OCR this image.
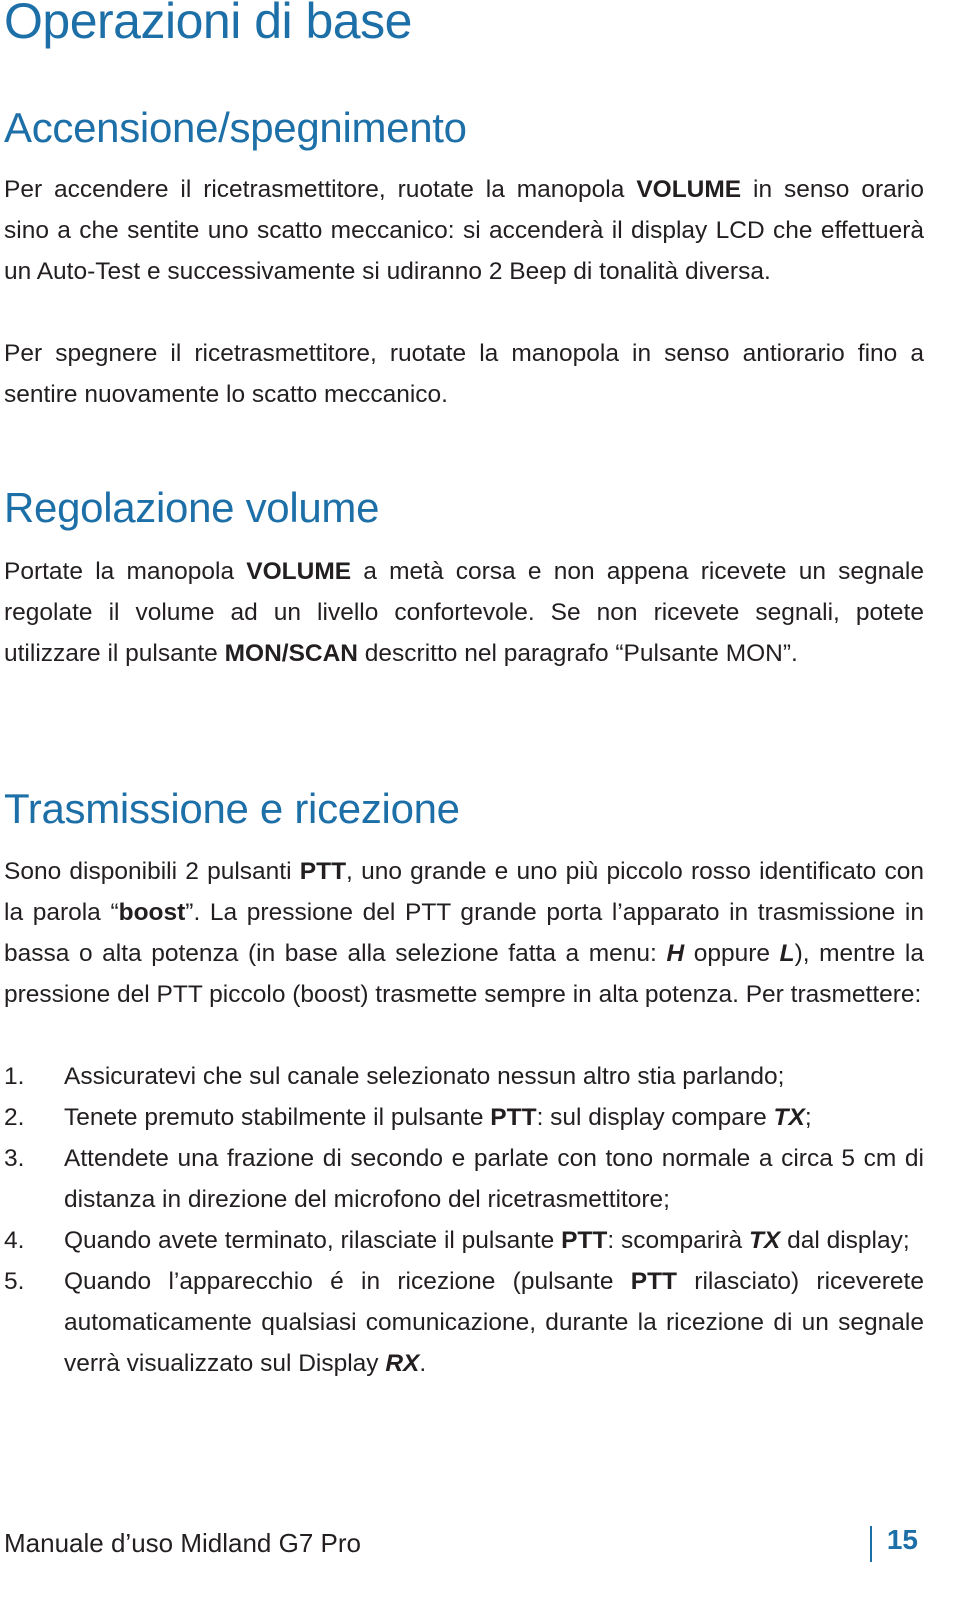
Operazioni di base
Accensione/spegnimento

Per accendere il ricetrasmettitore, ruotate la manopola VOLUME in senso orario sino a che sentite uno scatto meccanico: si accenderà il display LCD che effettuerà un Auto-Test e successivamente si udiranno 2 Beep di tonalità diversa.

Per spegnere il ricetrasmettitore, ruotate la manopola in senso antiorario fino a sentire nuovamente lo scatto meccanico.

Regolazione volume

Portate la manopola VOLUME a metà corsa e non appena ricevete un segnale regolate il volume ad un livello confortevole. Se non ricevete segnali, potete utilizzare il pulsante MON/SCAN descritto nel paragrafo “Pulsante MON”.

Trasmissione e ricezione

Sono disponibili 2 pulsanti PTT, uno grande e uno più piccolo rosso identificato con la parola “boost”. La pressione del PTT grande porta l’apparato in trasmissione in bassa o alta potenza (in base alla selezione fatta a menu: H oppure L), mentre la pressione del PTT piccolo (boost) trasmette sempre in alta potenza. Per trasmettere:

1. Assicuratevi che sul canale selezionato nessun altro stia parlando;
2. Tenete premuto stabilmente il pulsante PTT: sul display compare TX;
3. Attendete una frazione di secondo e parlate con tono normale a circa 5 cm di distanza in direzione del microfono del ricetrasmettitore;
4. Quando avete terminato, rilasciate il pulsante PTT: scomparirà TX dal display;
5. Quando l’apparecchio é in ricezione (pulsante PTT rilasciato) riceverete automaticamente qualsiasi comunicazione, durante la ricezione di un segnale verrà visualizzato sul Display RX.
Manuale d’uso Midland G7 Pro	15
